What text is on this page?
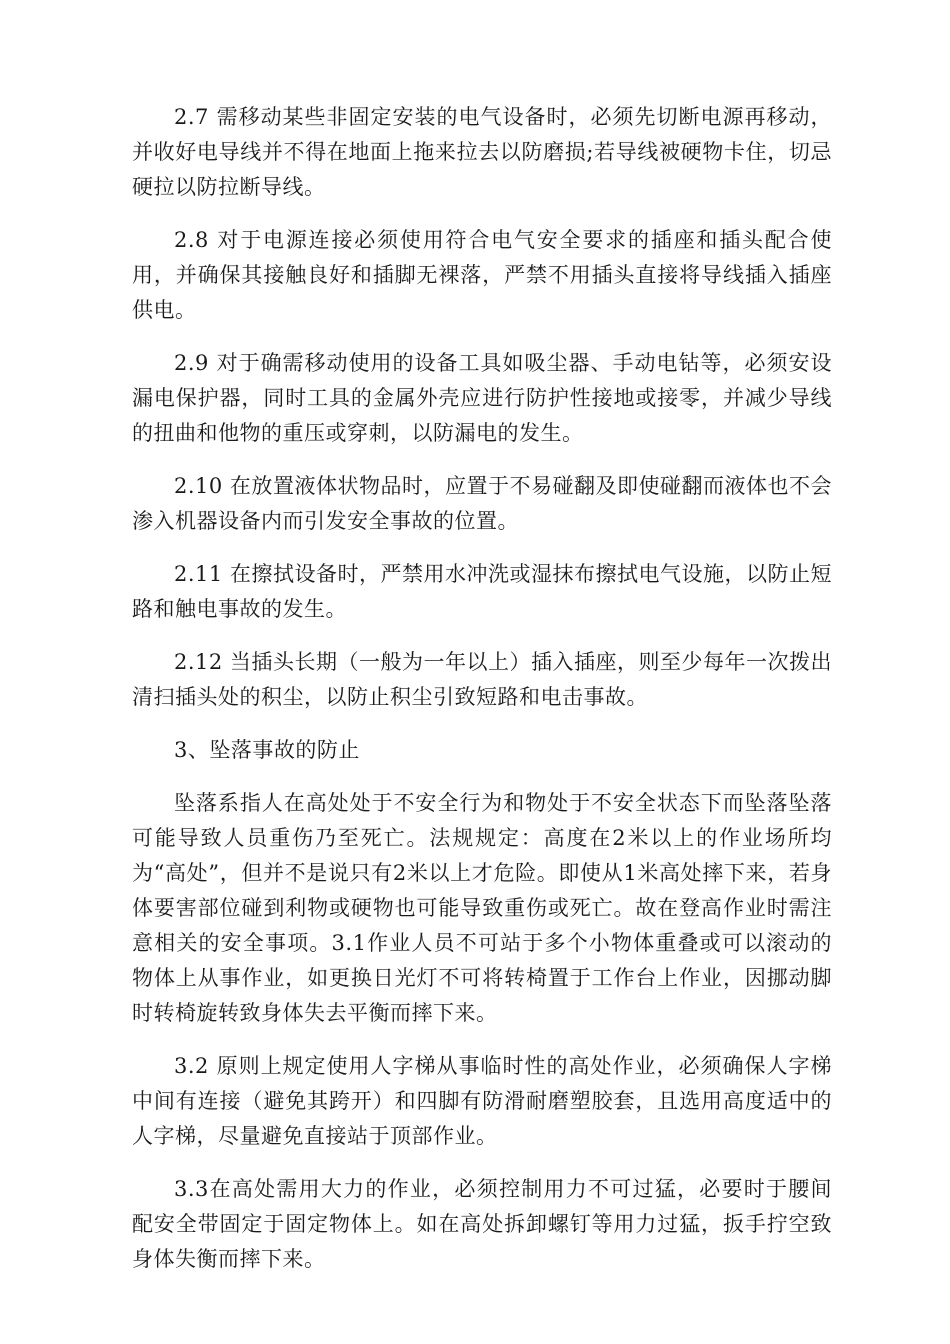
2.7 需移动某些非固定安装的电气设备时，必须先切断电源再移动，并收好电导线并不得在地面上拖来拉去以防磨损;若导线被硬物卡住，切忌硬拉以防拉断导线。

2.8 对于电源连接必须使用符合电气安全要求的插座和插头配合使用，并确保其接触良好和插脚无裸落，严禁不用插头直接将导线插入插座供电。

2.9 对于确需移动使用的设备工具如吸尘器、手动电钻等，必须安设漏电保护器，同时工具的金属外壳应进行防护性接地或接零，并减少导线的扭曲和他物的重压或穿刺，以防漏电的发生。

2.10 在放置液体状物品时，应置于不易碰翻及即使碰翻而液体也不会渗入机器设备内而引发安全事故的位置。

2.11 在擦拭设备时，严禁用水冲洗或湿抹布擦拭电气设施，以防止短路和触电事故的发生。

2.12 当插头长期（一般为一年以上）插入插座，则至少每年一次拨出清扫插头处的积尘，以防止积尘引致短路和电击事故。

3、坠落事故的防止

坠落系指人在高处处于不安全行为和物处于不安全状态下而坠落坠落可能导致人员重伤乃至死亡。法规规定：高度在2米以上的作业场所均为“高处”，但并不是说只有2米以上才危险。即使从1米高处摔下来，若身体要害部位碰到利物或硬物也可能导致重伤或死亡。故在登高作业时需注意相关的安全事项。3.1作业人员不可站于多个小物体重叠或可以滚动的物体上从事作业，如更换日光灯不可将转椅置于工作台上作业，因挪动脚时转椅旋转致身体失去平衡而摔下来。

3.2 原则上规定使用人字梯从事临时性的高处作业，必须确保人字梯中间有连接（避免其跨开）和四脚有防滑耐磨塑胶套，且选用高度适中的人字梯，尽量避免直接站于顶部作业。

3.3在高处需用大力的作业，必须控制用力不可过猛，必要时于腰间配安全带固定于固定物体上。如在高处拆卸螺钉等用力过猛，扳手拧空致身体失衡而摔下来。
